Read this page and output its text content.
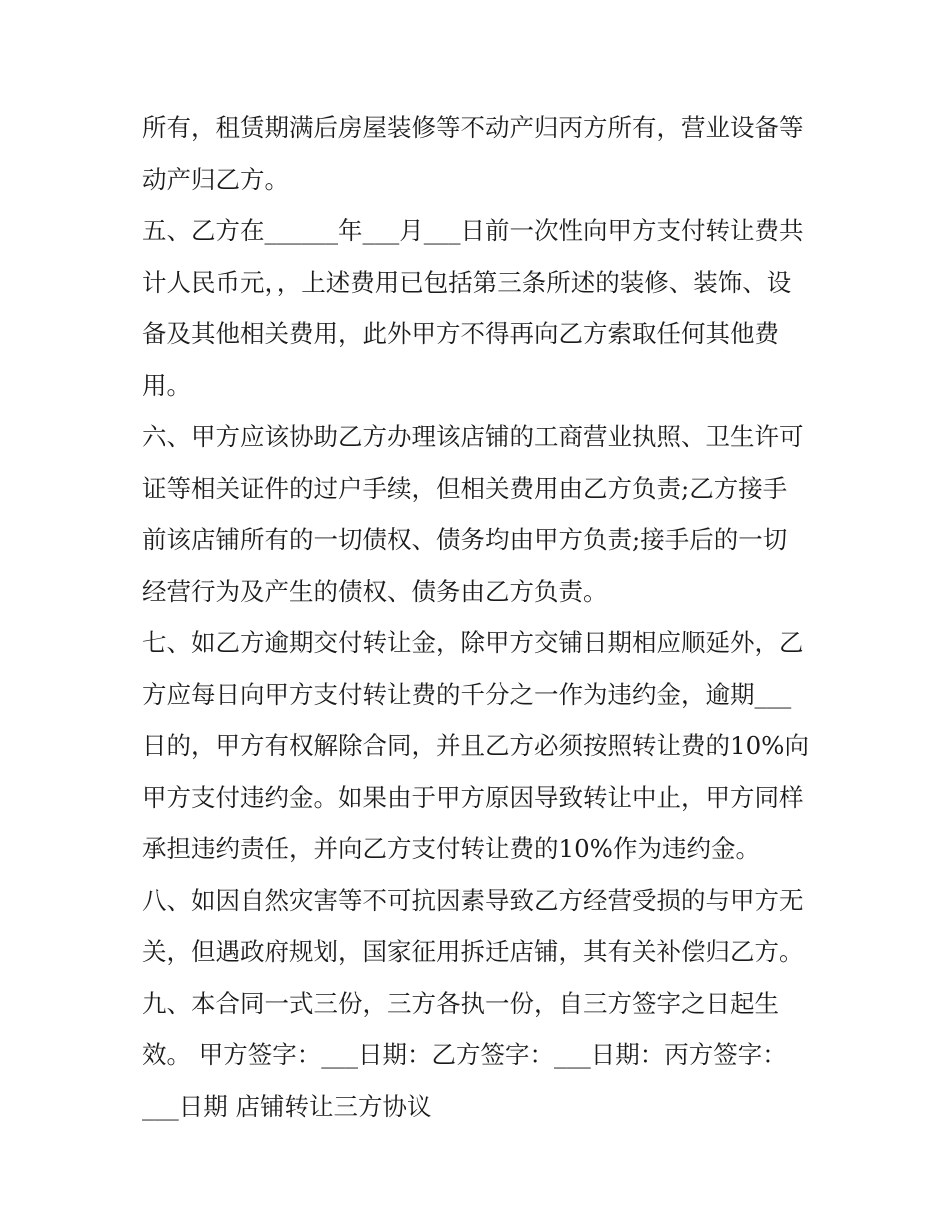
所有，租赁期满后房屋装修等不动产归丙方所有，营业设备等
动产归乙方。
五、乙方在______年___月___日前一次性向甲方支付转让费共
计人民币元，，上述费用已包括第三条所述的装修、装饰、设
备及其他相关费用，此外甲方不得再向乙方索取任何其他费
用。
六、甲方应该协助乙方办理该店铺的工商营业执照、卫生许可
证等相关证件的过户手续，但相关费用由乙方负责;乙方接手
前该店铺所有的一切债权、债务均由甲方负责;接手后的一切
经营行为及产生的债权、债务由乙方负责。
七、如乙方逾期交付转让金，除甲方交铺日期相应顺延外，乙
方应每日向甲方支付转让费的千分之一作为违约金，逾期___
日的，甲方有权解除合同，并且乙方必须按照转让费的10%向
甲方支付违约金。如果由于甲方原因导致转让中止，甲方同样
承担违约责任，并向乙方支付转让费的10%作为违约金。
八、如因自然灾害等不可抗因素导致乙方经营受损的与甲方无
关，但遇政府规划，国家征用拆迁店铺，其有关补偿归乙方。
九、本合同一式三份，三方各执一份，自三方签字之日起生
效。 甲方签字：___日期：乙方签字：___日期：丙方签字：
___日期 店铺转让三方协议
